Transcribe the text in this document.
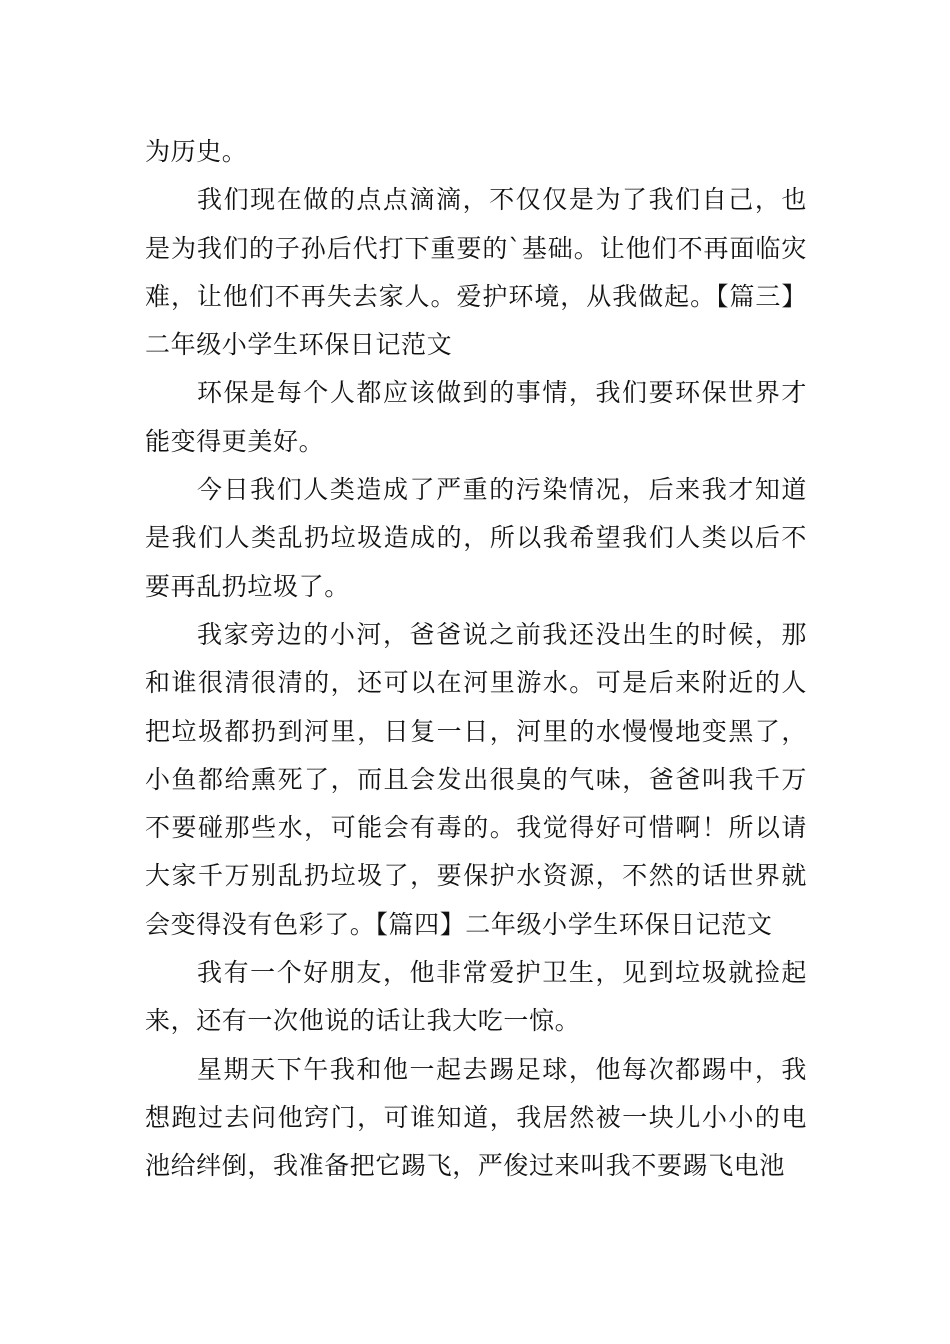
为历史。

我们现在做的点点滴滴，不仅仅是为了我们自己，也是为我们的子孙后代打下重要的`基础。让他们不再面临灾难，让他们不再失去家人。爱护环境，从我做起。【篇三】二年级小学生环保日记范文

环保是每个人都应该做到的事情，我们要环保世界才能变得更美好。

今日我们人类造成了严重的污染情况，后来我才知道是我们人类乱扔垃圾造成的，所以我希望我们人类以后不要再乱扔垃圾了。

我家旁边的小河，爸爸说之前我还没出生的时候，那和谁很清很清的，还可以在河里游水。可是后来附近的人把垃圾都扔到河里，日复一日，河里的水慢慢地变黑了，小鱼都给熏死了，而且会发出很臭的气味，爸爸叫我千万不要碰那些水，可能会有毒的。我觉得好可惜啊！所以请大家千万别乱扔垃圾了，要保护水资源，不然的话世界就会变得没有色彩了。【篇四】二年级小学生环保日记范文

我有一个好朋友，他非常爱护卫生，见到垃圾就捡起来，还有一次他说的话让我大吃一惊。

星期天下午我和他一起去踢足球，他每次都踢中，我想跑过去问他窍门，可谁知道，我居然被一块儿小小的电池给绊倒，我准备把它踢飞，严俊过来叫我不要踢飞电池
